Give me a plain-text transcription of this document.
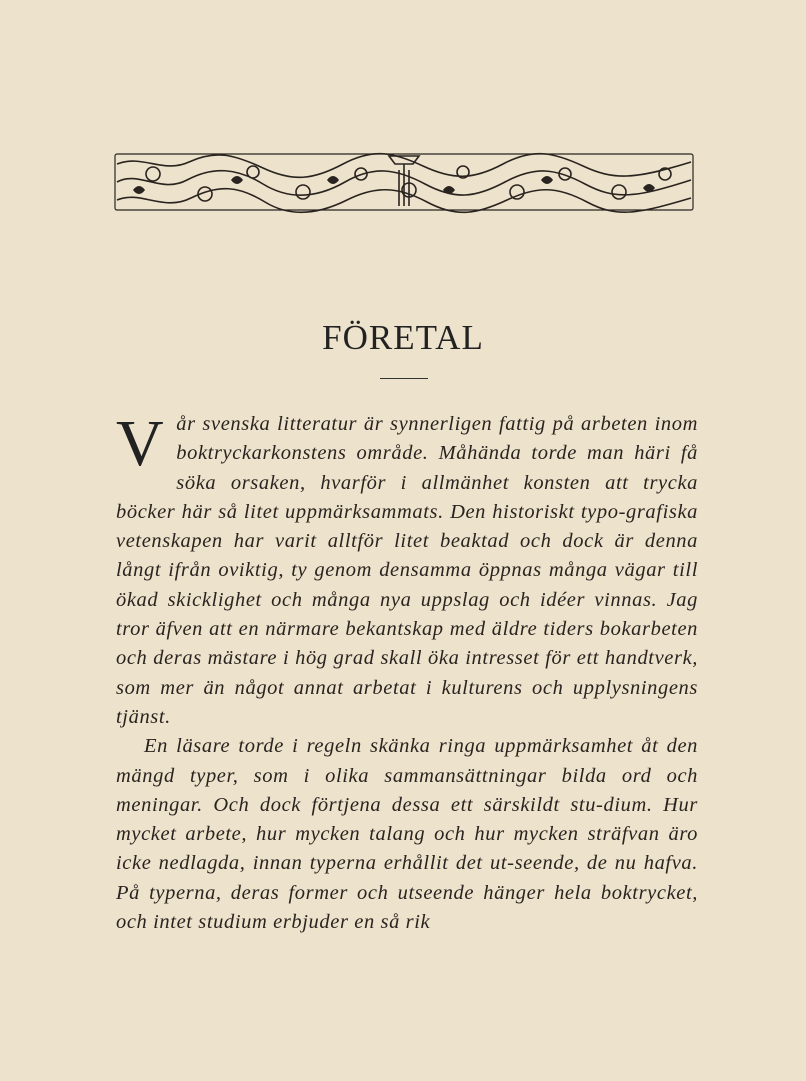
FÖRETAL

Vår svenska litteratur är synnerligen fattig på arbeten inom boktryckarkonstens område. Måhända torde man häri få söka orsaken, hvarför i allmänhet konsten att trycka böcker här så litet uppmärksammats. Den historiskt typo-grafiska vetenskapen har varit alltför litet beaktad och dock är denna långt ifrån oviktig, ty genom densamma öppnas många vägar till ökad skicklighet och många nya uppslag och idéer vinnas. Jag tror äfven att en närmare bekantskap med äldre tiders bokarbeten och deras mästare i hög grad skall öka intresset för ett handtverk, som mer än något annat arbetat i kulturens och upplysningens tjänst.

En läsare torde i regeln skänka ringa uppmärksamhet åt den mängd typer, som i olika sammansättningar bilda ord och meningar. Och dock förtjena dessa ett särskildt stu-dium. Hur mycket arbete, hur mycken talang och hur mycken sträfvan äro icke nedlagda, innan typerna erhållit det ut-seende, de nu hafva. På typerna, deras former och utseende hänger hela boktrycket, och intet studium erbjuder en så rik
